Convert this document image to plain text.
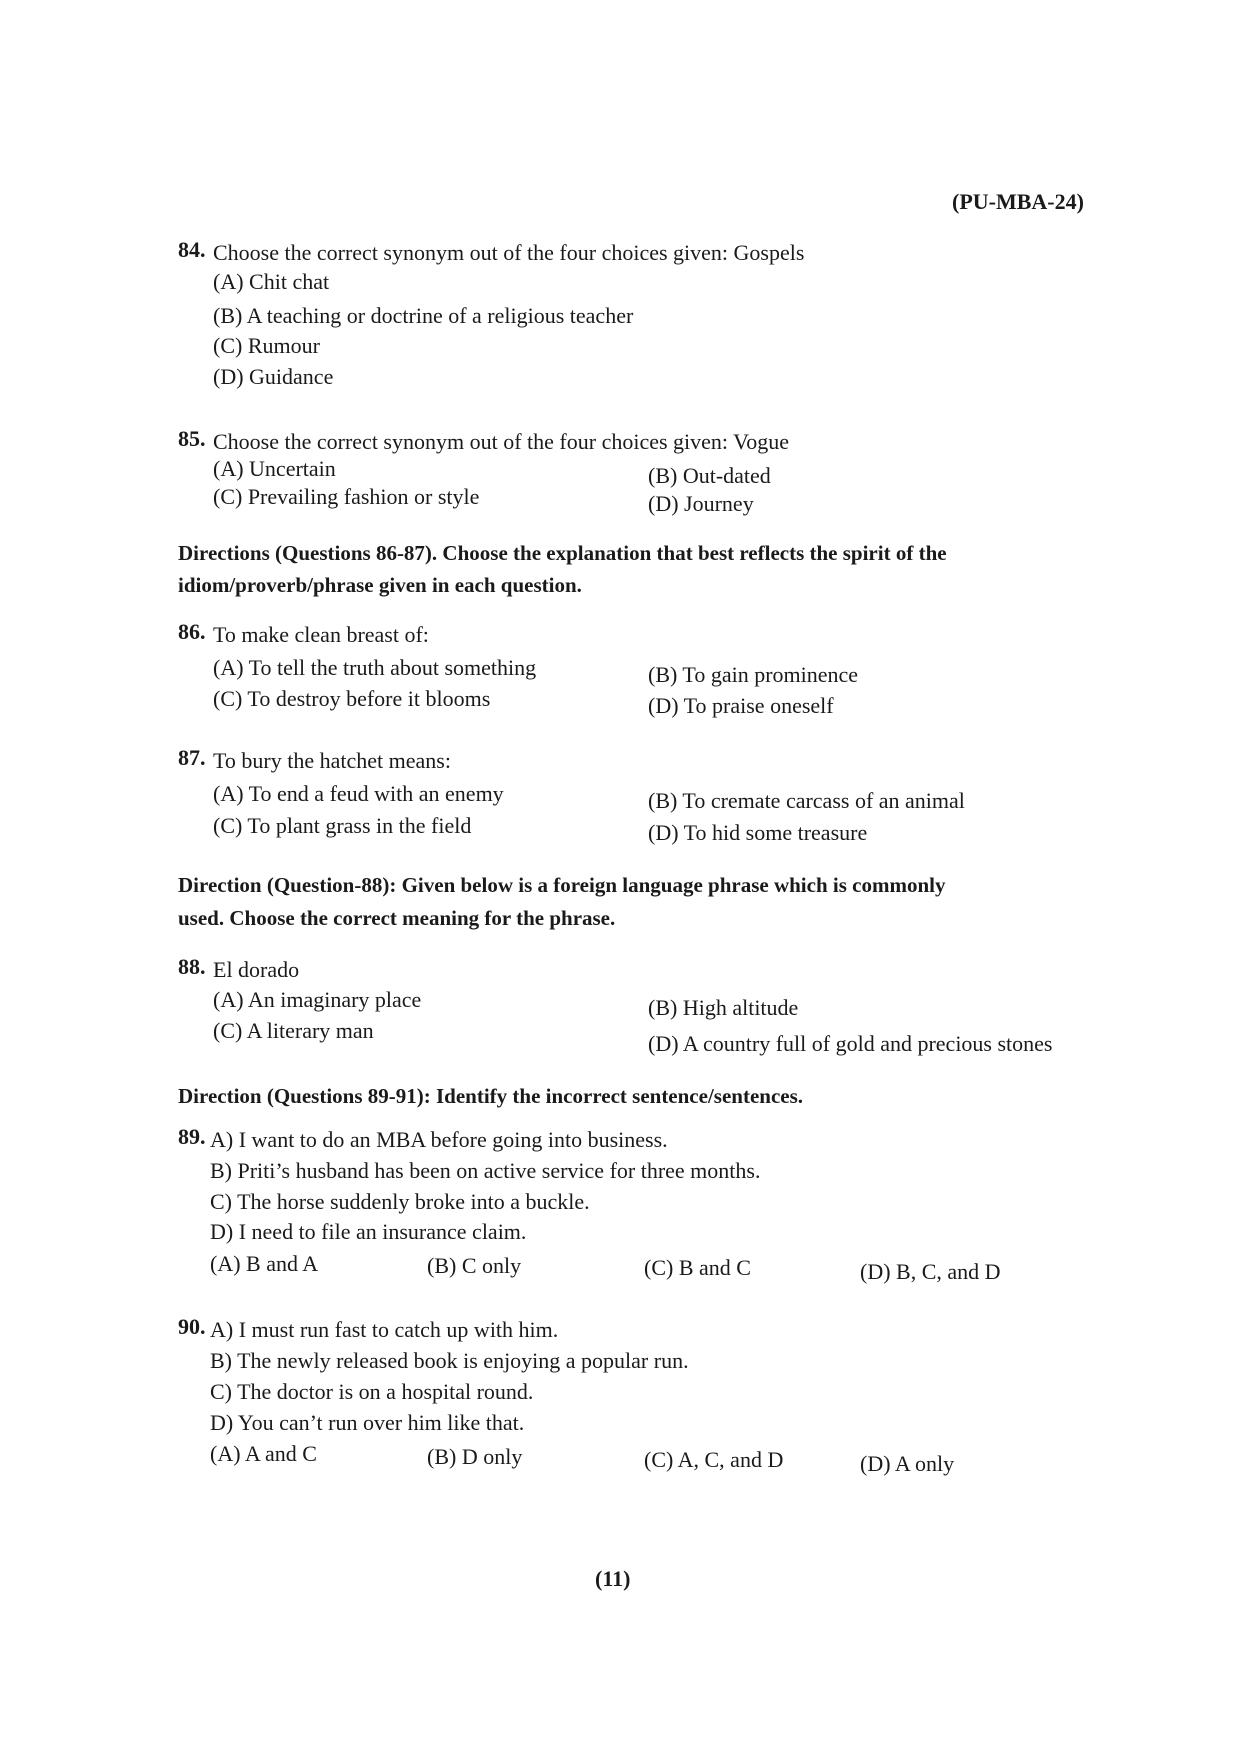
(PU-MBA-24)
84. Choose the correct synonym out of the four choices given: Gospels
(A) Chit chat
(B) A teaching or doctrine of a religious teacher
(C) Rumour
(D) Guidance
85. Choose the correct synonym out of the four choices given: Vogue
(A) Uncertain	(B) Out-dated
(C) Prevailing fashion or style	(D) Journey
Directions (Questions 86-87). Choose the explanation that best reflects the spirit of the
idiom/proverb/phrase given in each question.
86. To make clean breast of:
(A) To tell the truth about something	(B) To gain prominence
(C) To destroy before it blooms	(D) To praise oneself
87. To bury the hatchet means:
(A) To end a feud with an enemy	(B) To cremate carcass of an animal
(C) To plant grass in the field	(D) To hid some treasure
Direction (Question-88): Given below is a foreign language phrase which is commonly
used. Choose the correct meaning for the phrase.
88. El dorado
(A) An imaginary place	(B) High altitude
(C) A literary man
(D) A country full of gold and precious stones
Direction (Questions 89-91): Identify the incorrect sentence/sentences.
89. A) I want to do an MBA before going into business.
B) Priti’s husband has been on active service for three months.
C) The horse suddenly broke into a buckle.
D) I need to file an insurance claim.
(A) B and A	(B) C only	(C) B and C	(D) B, C, and D
90. A) I must run fast to catch up with him.
B) The newly released book is enjoying a popular run.
C) The doctor is on a hospital round.
D) You can’t run over him like that.
(A) A and C	(B) D only	(C) A, C, and D	(D) A only
(11)
